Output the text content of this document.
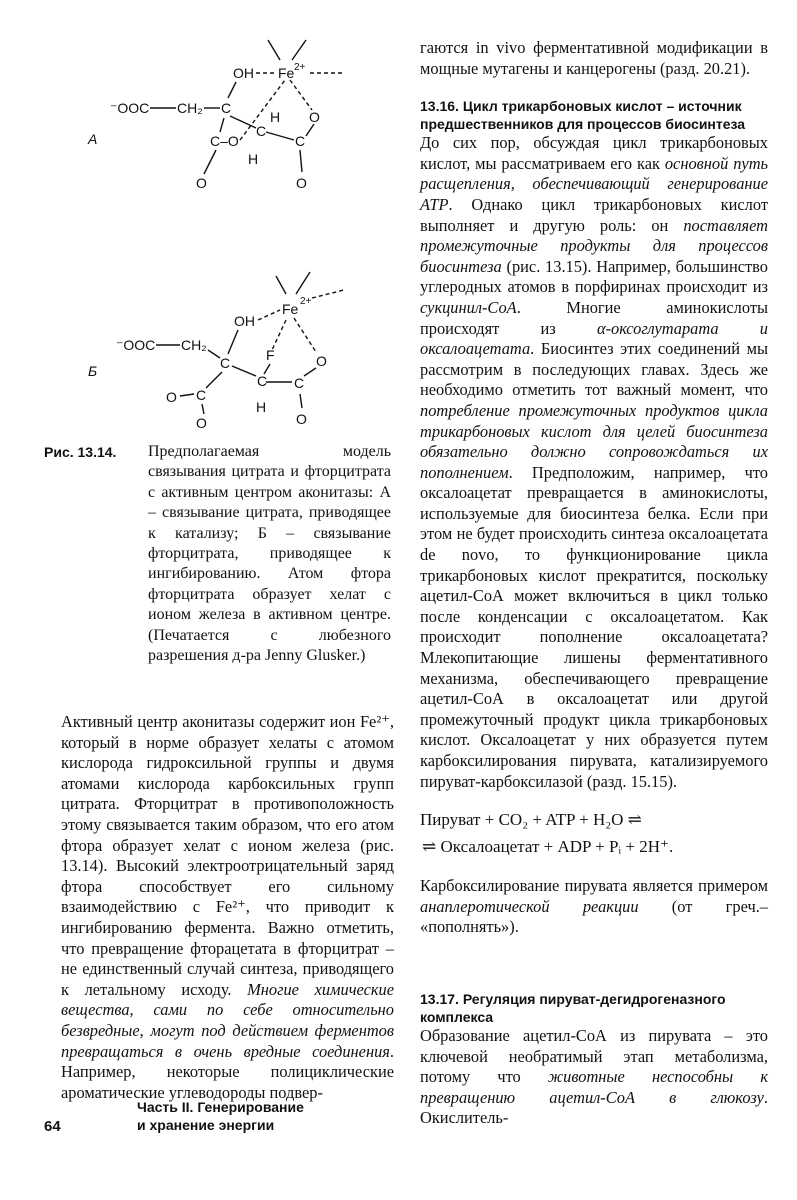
A
OH Fe 2+
⁻OOC CH₂ C
C–O
C
H
H
C
O
O	O
Б
OH
Fe 2+
⁻OOC CH₂
C	F
C
H
C
O
C
O
O	O
Рис. 13.14. Предполагаемая модель связывания цитрата и фторцитрата с активным центром аконитазы: А – связывание цитрата, приводящее к катализу; Б – связывание фторцитрата, приводящее к ингибированию. Атом фтора фторцитрата образует хелат с ионом железа в активном центре. (Печатается с любезного разрешения д-ра Jenny Glusker.)

Активный центр аконитазы содержит ион Fe²⁺, который в норме образует хелаты с атомом кислорода гидроксильной группы и двумя атомами кислорода карбоксильных групп цитрата. Фторцитрат в противоположность этому связывается таким образом, что его атом фтора образует хелат с ионом железа (рис. 13.14). Высокий электроотрицательный заряд фтора способствует его сильному взаимодействию с Fe²⁺, что приводит к ингибированию фермента. Важно отметить, что превращение фторацетата в фторцитрат – не единственный случай синтеза, приводящего к летальному исходу. Многие химические вещества, сами по себе относительно безвредные, могут под действием ферментов превращаться в очень вредные соединения. Например, некоторые полициклические ароматические углеводороды подвер-

гаются in vivo ферментативной модификации в мощные мутагены и канцерогены (разд. 20.21).

13.16. Цикл трикарбоновых кислот – источник предшественников для процессов биосинтеза

До сих пор, обсуждая цикл трикарбоновых кислот, мы рассматриваем его как основной путь расщепления, обеспечивающий генерирование АТР. Однако цикл трикарбоновых кислот выполняет и другую роль: он поставляет промежуточные продукты для процессов биосинтеза (рис. 13.15). Например, большинство углеродных атомов в порфиринах происходит из сукцинил-СоА. Многие аминокислоты происходят из α-оксоглутарата и оксалоацетата. Биосинтез этих соединений мы рассмотрим в последующих главах. Здесь же необходимо отметить тот важный момент, что потребление промежуточных продуктов цикла трикарбоновых кислот для целей биосинтеза обязательно должно сопровождаться их пополнением. Предположим, например, что оксалоацетат превращается в аминокислоты, используемые для биосинтеза белка. Если при этом не будет происходить синтеза оксалоацетата de novo, то функционирование цикла трикарбоновых кислот прекратится, поскольку ацетил-СоА может включиться в цикл только после конденсации с оксалоацетатом. Как происходит пополнение оксалоацетата? Млекопитающие лишены ферментативного механизма, обеспечивающего превращение ацетил-СоА в оксалоацетат или другой промежуточный продукт цикла трикарбоновых кислот. Оксалоацетат у них образуется путем карбоксилирования пирувата, катализируемого пируват-карбоксилазой (разд. 15.15).

Пируват + CO₂ + ATP + H₂O ⇌
⇌ Оксалоацетат + ADP + Pᵢ + 2H⁺.

Карбоксилирование пирувата является примером анаплеротической реакции (от греч.– «пополнять»).

13.17. Регуляция пируват-дегидрогеназного комплекса

Образование ацетил-СоА из пирувата – это ключевой необратимый этап метаболизма, потому что животные неспособны к превращению ацетил-СоА в глюкозу. Окислитель-

64
Часть II. Генерирование
и хранение энергии
